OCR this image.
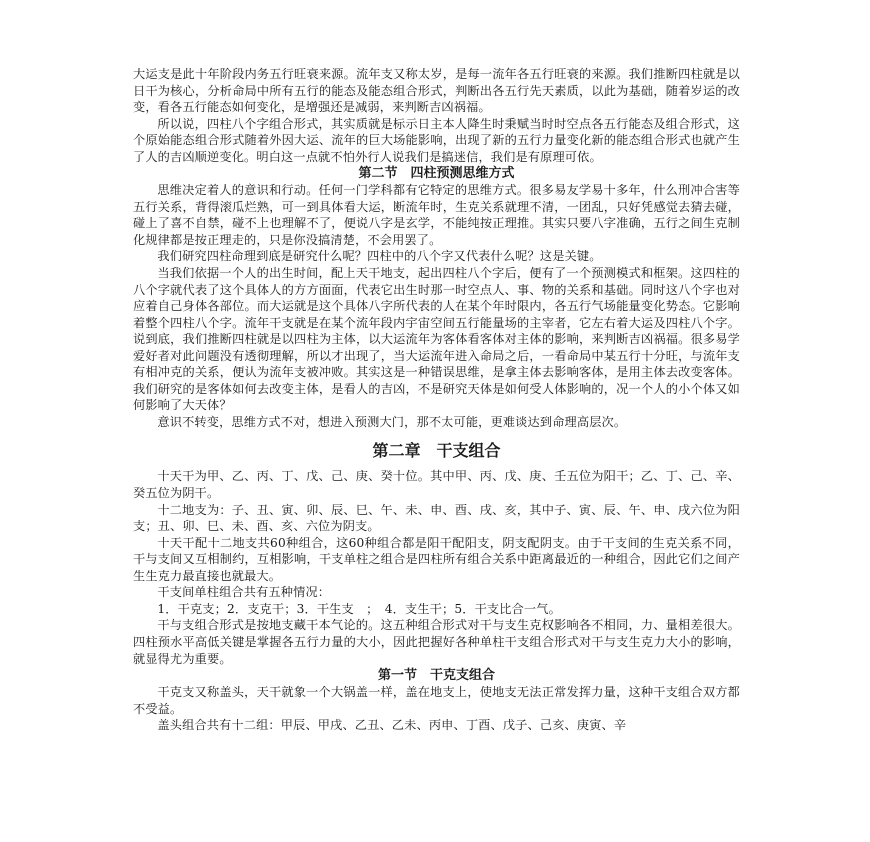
大运支是此十年阶段内务五行旺衰来源。流年支又称太岁，是每一流年各五行旺衰的来源。我们推断四柱就是以日干为核心，分析命局中所有五行的能态及能态组合形式，判断出各五行先天素质，以此为基础，随着岁运的改变，看各五行能态如何变化，是增强还是减弱，来判断吉凶祸福。

所以说，四柱八个字组合形式，其实质就是标示日主本人降生时秉赋当时时空点各五行能态及组合形式，这个原始能态组合形式随着外因大运、流年的巨大场能影响，出现了新的五行力量变化新的能态组合形式也就产生了人的吉凶顺逆变化。明白这一点就不怕外行人说我们是搞迷信，我们是有原理可依。

第二节　四柱预测思维方式

思维决定着人的意识和行动。任何一门学科都有它特定的思维方式。很多易友学易十多年，什么刑冲合害等五行关系，背得滚瓜烂熟，可一到具体看大运，断流年时，生克关系就理不清，一团乱，只好凭感觉去猜去碰，碰上了喜不自禁，碰不上也理解不了，便说八字是玄学，不能纯按正理推。其实只要八字准确，五行之间生克制化规律都是按正理走的，只是你没搞清楚，不会用罢了。

我们研究四柱命理到底是研究什么呢？四柱中的八个字又代表什么呢？这是关键。

当我们依据一个人的出生时间，配上天干地支，起出四柱八个字后，便有了一个预测模式和框架。这四柱的八个字就代表了这个具体人的方方面面，代表它出生时那一时空点人、事、物的关系和基础。同时这八个字也对应着自己身体各部位。而大运就是这个具体八字所代表的人在某个年时限内，各五行气场能量变化势态。它影响着整个四柱八个字。流年干支就是在某个流年段内宇宙空间五行能量场的主宰者，它左右着大运及四柱八个字。说到底，我们推断四柱就是以四柱为主体，以大运流年为客体看客体对主体的影响，来判断吉凶祸福。很多易学爱好者对此问题没有透彻理解，所以才出现了，当大运流年进入命局之后，一看命局中某五行十分旺，与流年支有相冲克的关系，便认为流年支被冲败。其实这是一种错误思维，是拿主体去影响客体，是用主体去改变客体。我们研究的是客体如何去改变主体，是看人的吉凶，不是研究天体是如何受人体影响的，况一个人的小个体又如何影响了大天体？

意识不转变，思维方式不对，想进入预测大门，那不太可能，更难谈达到命理高层次。

第二章　干支组合

十天干为甲、乙、丙、丁、戊、己、庚、癸十位。其中甲、丙、戊、庚、壬五位为阳干；乙、丁、己、辛、癸五位为阴干。

十二地支为：子、丑、寅、卯、辰、巳、午、未、申、酉、戌、亥，其中子、寅、辰、午、申、戌六位为阳支；丑、卯、巳、未、酉、亥、六位为阴支。

十天干配十二地支共60种组合，这60种组合都是阳干配阳支，阴支配阴支。由于干支间的生克关系不同，干与支间又互相制约，互相影响，干支单柱之组合是四柱所有组合关系中距离最近的一种组合，因此它们之间产生生克力最直接也就最大。

干支间单柱组合共有五种情况：

1．干克支；2．支克干；3．干生支　；　4．支生干；5．干支比合一气。

干与支组合形式是按地支藏干本气论的。这五种组合形式对干与支生克权影响各不相同，力、量相差很大。四柱预水平高低关键是掌握各五行力量的大小，因此把握好各种单柱干支组合形式对干与支生克力大小的影响，就显得尤为重要。

第一节　干克支组合

干克支又称盖头，天干就象一个大锅盖一样，盖在地支上，使地支无法正常发挥力量，这种干支组合双方都不受益。

盖头组合共有十二组：甲辰、甲戌、乙丑、乙未、丙申、丁酉、戊子、己亥、庚寅、辛
